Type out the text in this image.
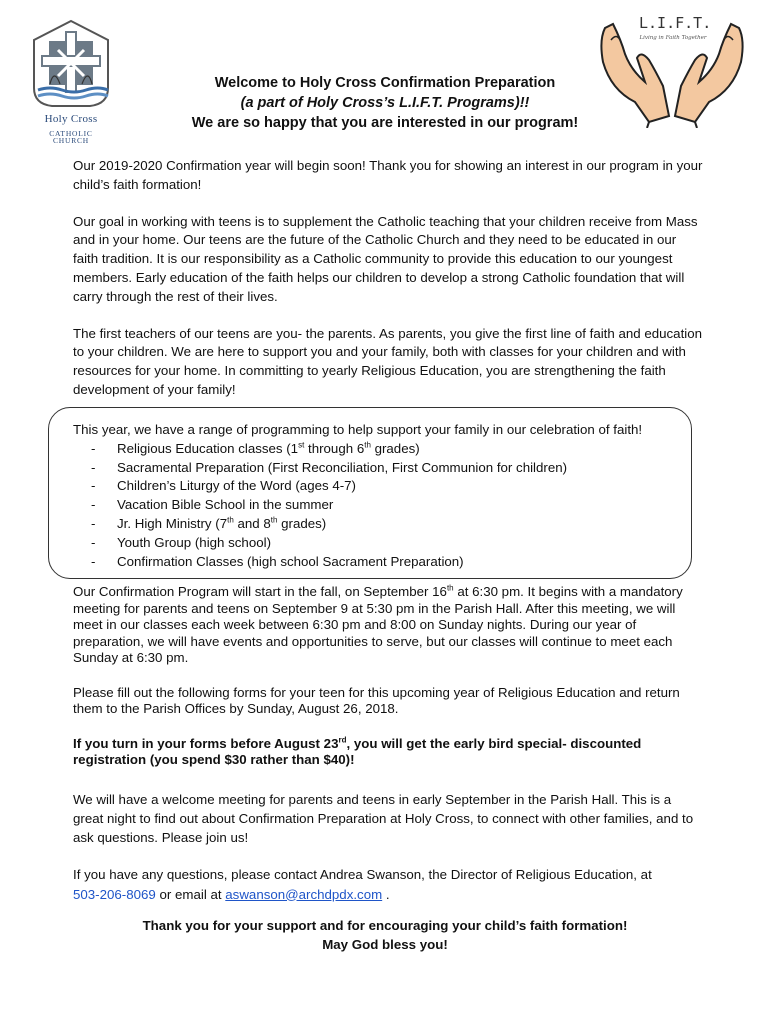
Holy Cross
CATHOLIC CHURCH
L.I.F.T.
Living in Faith Together
Welcome to Holy Cross Confirmation Preparation
(a part of Holy Cross’s L.I.F.T. Programs)!!
We are so happy that you are interested in our program!

Our 2019-2020 Confirmation year will begin soon! Thank you for showing an interest in our program in your child’s faith formation!

Our goal in working with teens is to supplement the Catholic teaching that your children receive from Mass and in your home. Our teens are the future of the Catholic Church and they need to be educated in our faith tradition. It is our responsibility as a Catholic community to provide this education to our youngest members. Early education of the faith helps our children to develop a strong Catholic foundation that will carry through the rest of their lives.

The first teachers of our teens are you- the parents. As parents, you give the first line of faith and education to your children. We are here to support you and your family, both with classes for your children and with resources for your home. In committing to yearly Religious Education, you are strengthening the faith development of your family!

This year, we have a range of programming to help support your family in our celebration of faith!
- Religious Education classes (1st through 6th grades)
- Sacramental Preparation (First Reconciliation, First Communion for children)
- Children’s Liturgy of the Word (ages 4-7)
- Vacation Bible School in the summer
- Jr. High Ministry (7th and 8th grades)
- Youth Group (high school)
- Confirmation Classes (high school Sacrament Preparation)

Our Confirmation Program will start in the fall, on September 16th at 6:30 pm. It begins with a mandatory meeting for parents and teens on September 9 at 5:30 pm in the Parish Hall. After this meeting, we will meet in our classes each week between 6:30 pm and 8:00 on Sunday nights. During our year of preparation, we will have events and opportunities to serve, but our classes will continue to meet each Sunday at 6:30 pm.

Please fill out the following forms for your teen for this upcoming year of Religious Education and return them to the Parish Offices by Sunday, August 26, 2018.

If you turn in your forms before August 23rd, you will get the early bird special- discounted registration (you spend $30 rather than $40)!

We will have a welcome meeting for parents and teens in early September in the Parish Hall. This is a great night to find out about Confirmation Preparation at Holy Cross, to connect with other families, and to ask questions. Please join us!

If you have any questions, please contact Andrea Swanson, the Director of Religious Education, at
503-206-8069 or email at aswanson@archdpdx.com .

Thank you for your support and for encouraging your child’s faith formation!
May God bless you!
